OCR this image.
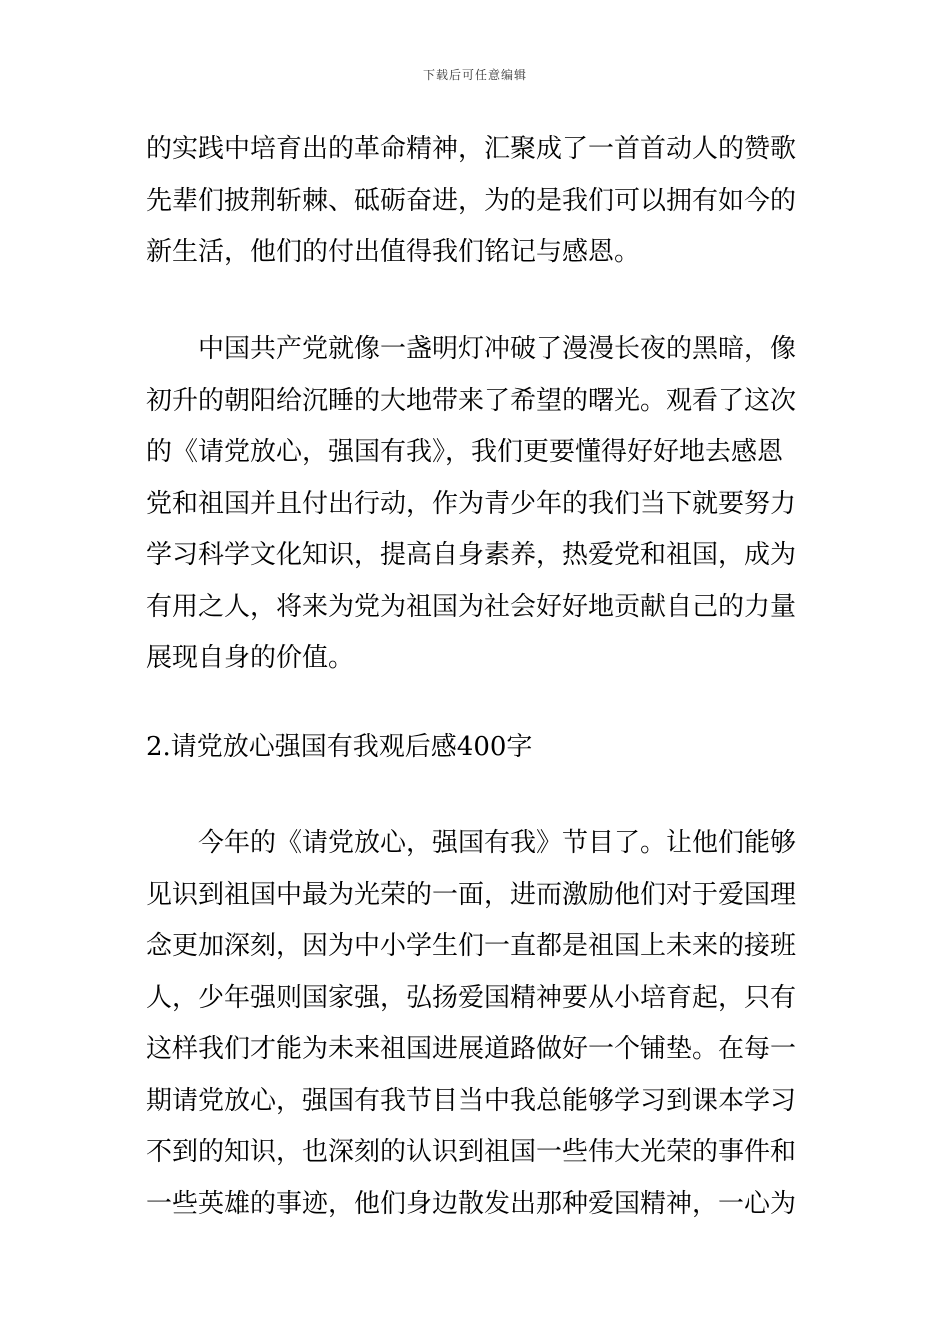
下载后可任意编辑

的实践中培育出的革命精神，汇聚成了一首首动人的赞歌
先辈们披荆斩棘、砥砺奋进，为的是我们可以拥有如今的
新生活，他们的付出值得我们铭记与感恩。

中国共产党就像一盏明灯冲破了漫漫长夜的黑暗，像
初升的朝阳给沉睡的大地带来了希望的曙光。观看了这次
的《请党放心，强国有我》，我们更要懂得好好地去感恩
党和祖国并且付出行动，作为青少年的我们当下就要努力
学习科学文化知识，提高自身素养，热爱党和祖国，成为
有用之人，将来为党为祖国为社会好好地贡献自己的力量
展现自身的价值。

2.请党放心强国有我观后感400字

今年的《请党放心，强国有我》节目了。让他们能够
见识到祖国中最为光荣的一面，进而激励他们对于爱国理
念更加深刻，因为中小学生们一直都是祖国上未来的接班
人，少年强则国家强，弘扬爱国精神要从小培育起，只有
这样我们才能为未来祖国进展道路做好一个铺垫。在每一
期请党放心，强国有我节目当中我总能够学习到课本学习
不到的知识，也深刻的认识到祖国一些伟大光荣的事件和
一些英雄的事迹，他们身边散发出那种爱国精神，一心为
